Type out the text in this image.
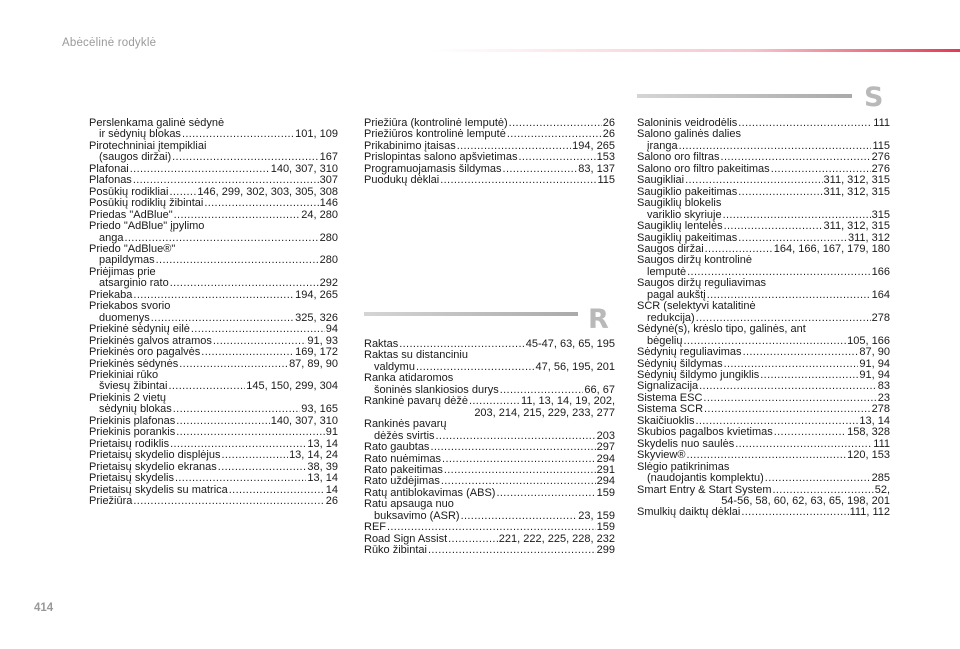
Abėcėlinė rodyklė
Perslenkama galinė sėdynė
ir sėdynių blokas .....	101, 109
Pirotechniniai įtempikliai
(saugos diržai) .....	167
Plafonai .....	140, 307, 310
Plafonas .....	307
Posūkių rodikliai .....	146, 299, 302, 303, 305, 308
Posūkių rodiklių žibintai .....	146
Priedas "AdBlue" .....	24, 280
Priedo "AdBlue" įpylimo
anga .....	280
Priedo "AdBlue®"
papildymas .....	280
Priėjimas prie
atsarginio rato .....	292
Priekaba .....	194, 265
Priekabos svorio
duomenys .....	325, 326
Priekinė sėdynių eilė .....	94
Priekinės galvos atramos .....	91, 93
Priekinės oro pagalvės .....	169, 172
Priekinės sėdynės .....	87, 89, 90
Priekiniai rūko
šviesų žibintai .....	145, 150, 299, 304
Priekinis 2 vietų
sėdynių blokas .....	93, 165
Priekinis plafonas .....	140, 307, 310
Priekinis porankis .....	91
Prietaisų rodiklis .....	13, 14
Prietaisų skydelio displėjus .....	13, 14, 24
Prietaisų skydelio ekranas .....	38, 39
Prietaisų skydelis .....	13, 14
Prietaisų skydelis su matrica .....	14
Priežiūra .....	26
Priežiūra (kontrolinė lemputė) .....	26
Priežiūros kontrolinė lemputė .....	26
Prikabinimo įtaisas .....	194, 265
Prislopintas salono apšvietimas .....	153
Programuojamasis šildymas .....	83, 137
Puodukų dėklai .....	115
R
Raktas .....	45-47, 63, 65, 195
Raktas su distanciniu
valdymu .....	47, 56, 195, 201
Ranka atidaromos
šoninės slankiosios durys .....	66, 67
Rankinė pavarų dėžė .....	11, 13, 14, 19, 202,
203, 214, 215, 229, 233, 277
Rankinės pavarų
dėžės svirtis .....	203
Rato gaubtas .....	297
Rato nuėmimas .....	294
Rato pakeitimas .....	291
Rato uždėjimas .....	294
Ratų antiblokavimas (ABS) .....	159
Ratu apsauga nuo
buksavimo (ASR) .....	23, 159
REF .....	159
Road Sign Assist .....	221, 222, 225, 228, 232
Rūko žibintai .....	299
S
Saloninis veidrodėlis .....	111
Salono galinės dalies
įranga .....	115
Salono oro filtras .....	276
Salono oro filtro pakeitimas .....	276
Saugikliai .....	311, 312, 315
Saugiklio pakeitimas .....	311, 312, 315
Saugiklių blokelis
variklio skyriuje .....	315
Saugiklių lentelės .....	311, 312, 315
Saugiklių pakeitimas .....	311, 312
Saugos diržai .....	164, 166, 167, 179, 180
Saugos diržų kontrolinė
lemputė .....	166
Saugos diržų reguliavimas
pagal aukštį .....	164
SCR (selektyvi katalitinė
redukcija) .....	278
Sėdynė(s), krėslo tipo, galinės, ant
bėgelių .....	105, 166
Sėdynių reguliavimas .....	87, 90
Sėdynių šildymas .....	91, 94
Sėdynių šildymo jungiklis .....	91, 94
Signalizacija .....	83
Sistema ESC .....	23
Sistema SCR .....	278
Skaičiuoklis .....	13, 14
Skubios pagalbos kvietimas .....	158, 328
Skydelis nuo saulės .....	111
Skyview® .....	120, 153
Slėgio patikrinimas
(naudojantis komplektu) .....	285
Smart Entry & Start System .....	52,
54-56, 58, 60, 62, 63, 65, 198, 201
Smulkių daiktų dėklai .....	111, 112
414
